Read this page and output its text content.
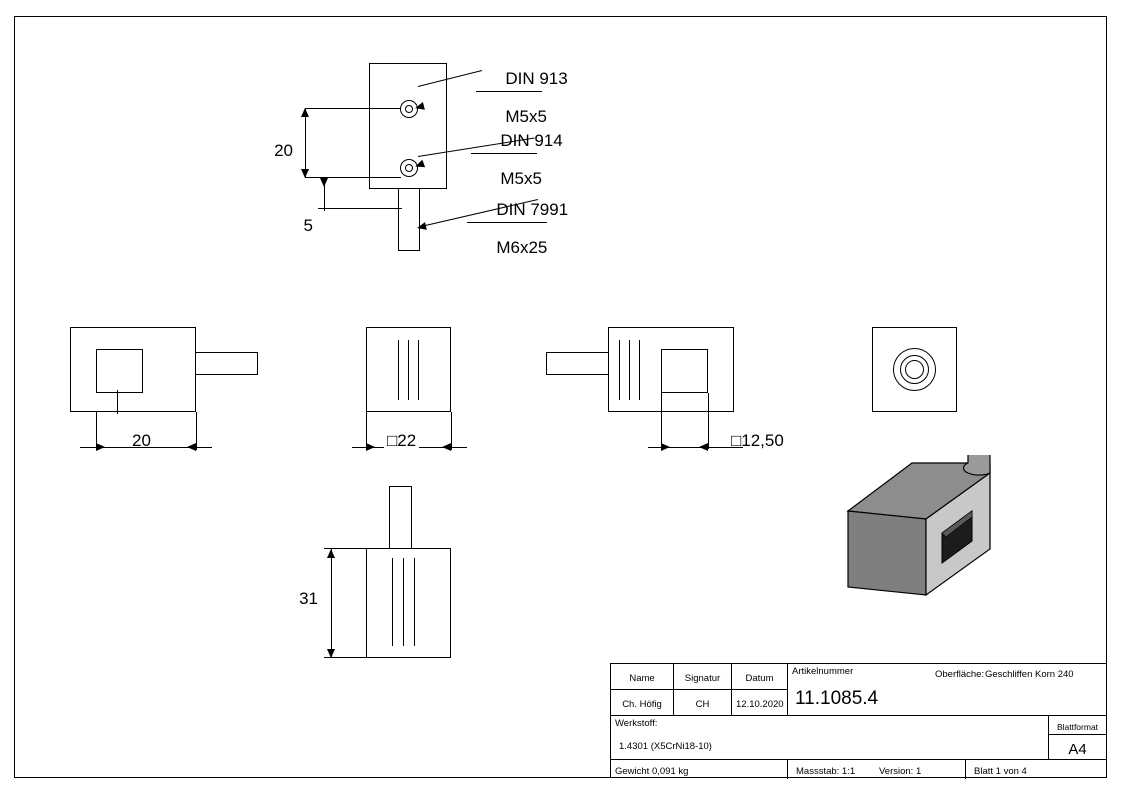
DIN 913

M5x5

DIN 914

M5x5

DIN 7991

M6x25

20
5
20	□22	□12,50
31
Name	Signatur	Datum
Ch. Höfig	CH	12.10.2020
Artikelnummer
11.1085.4
Oberfläche: Geschliffen Korn 240
Werkstoff:
1.4301 (X5CrNi18-10)
Blattformat
A4
Gewicht 0,091 kg	Massstab: 1:1	Version: 1	Blatt 1 von 4
